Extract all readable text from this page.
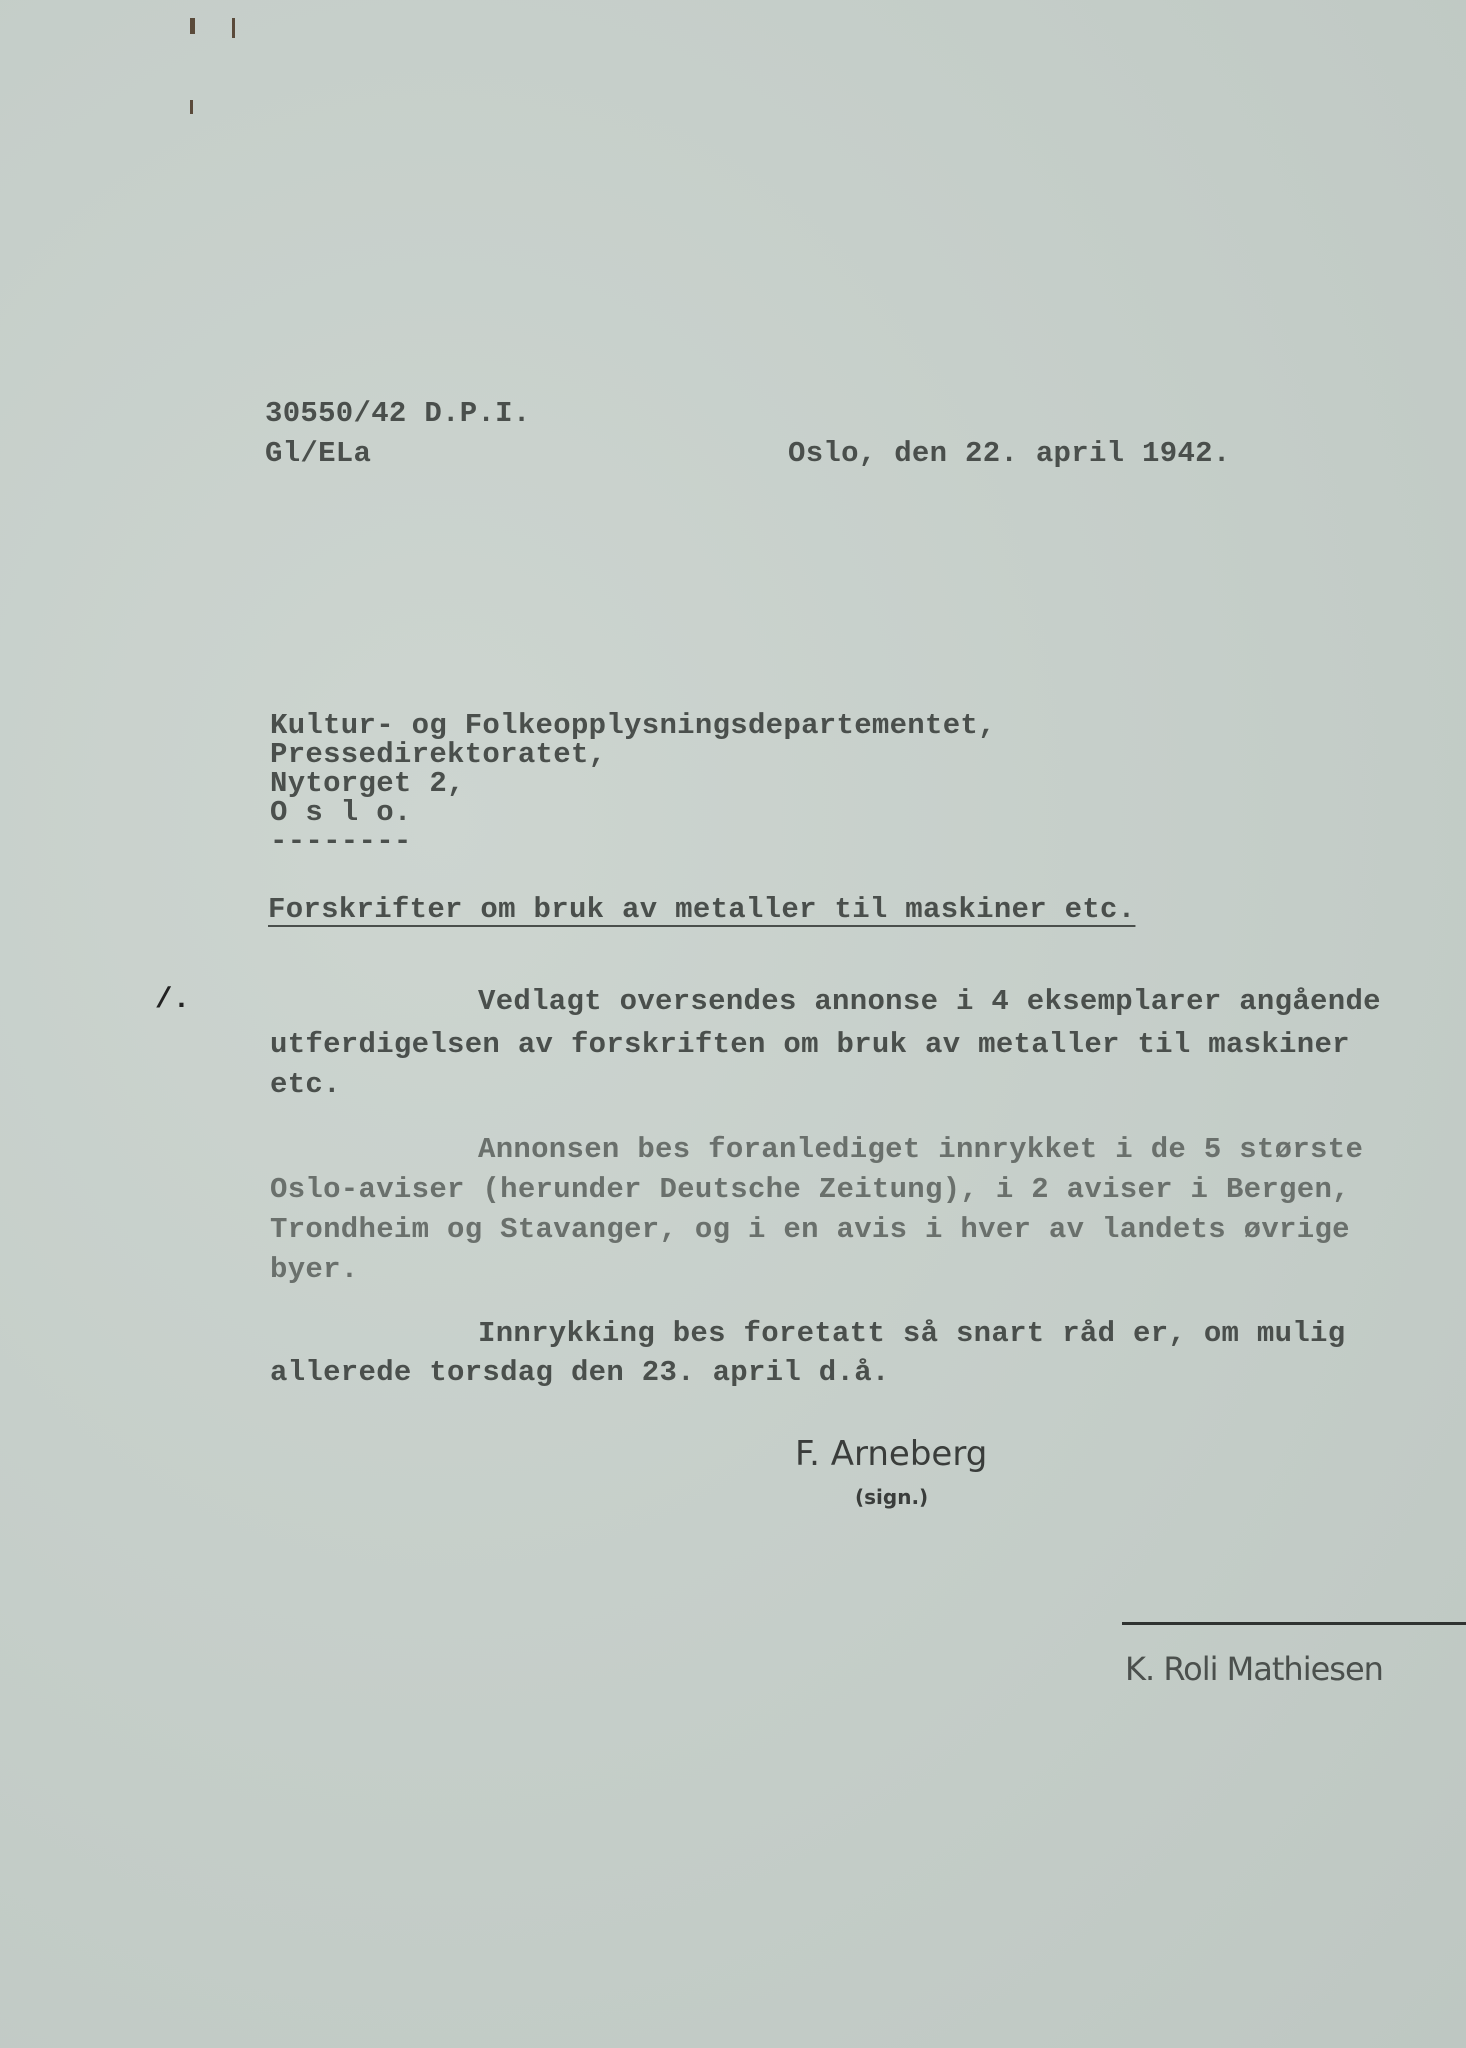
30550/42 D.P.I.
Gl/ELa	Oslo, den 22. april 1942.
Kultur- og Folkeopplysningsdepartementet,
Pressedirektoratet,
Nytorget 2,
O s l o.
--------
Forskrifter om bruk av metaller til maskiner etc.
/.	Vedlagt oversendes annonse i 4 eksemplarer angående
utferdigelsen av forskriften om bruk av metaller til maskiner
etc.
Annonsen bes foranlediget innrykket i de 5 største
Oslo-aviser (herunder Deutsche Zeitung), i 2 aviser i Bergen,
Trondheim og Stavanger, og i en avis i hver av landets øvrige
byer.
Innrykking bes foretatt så snart råd er, om mulig
allerede torsdag den 23. april d.å.
F. Arneberg
(sign.)
K. Roli Mathiesen
